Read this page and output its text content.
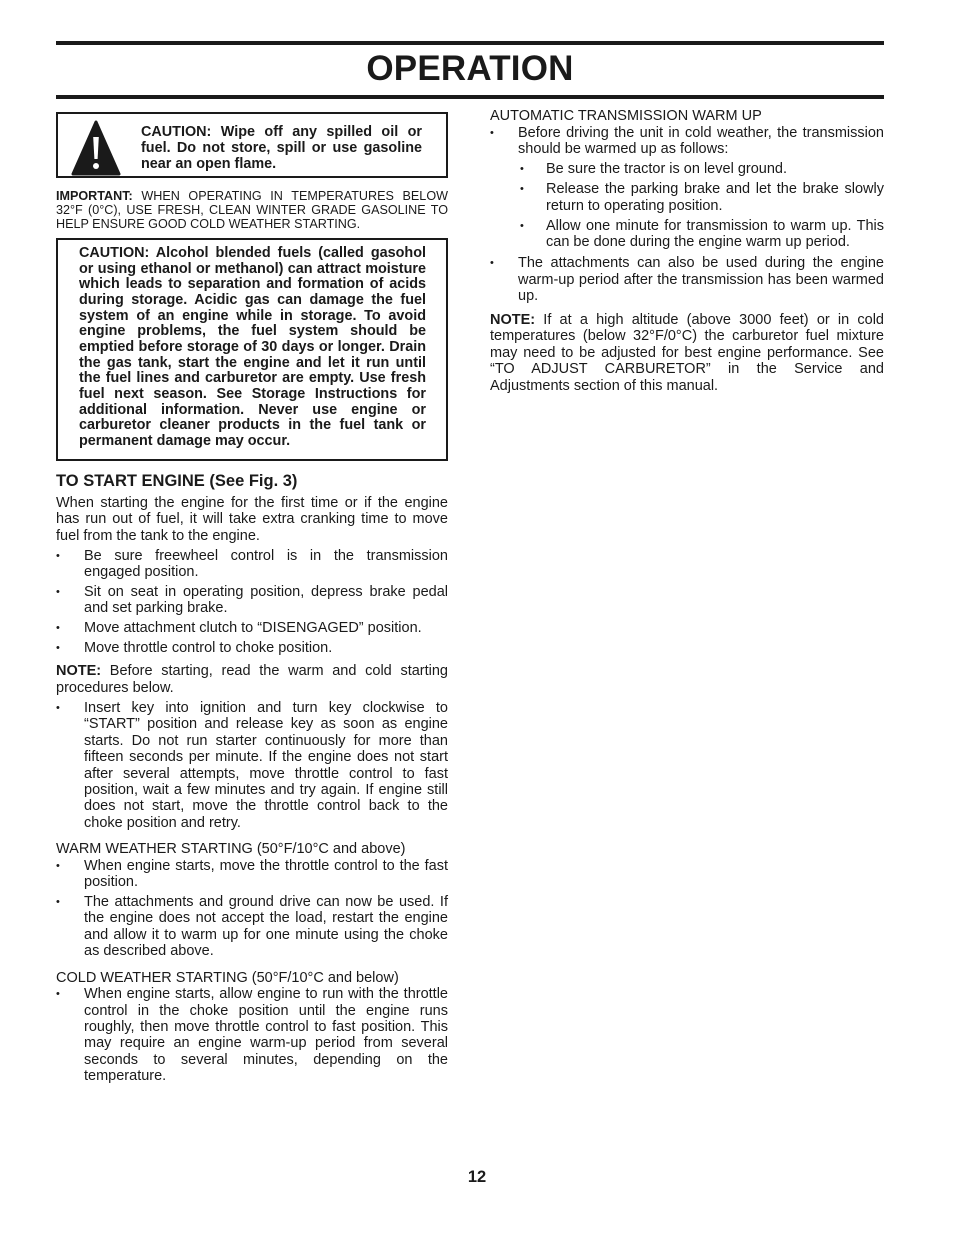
OPERATION
CAUTION: Wipe off any spilled oil or fuel. Do not store, spill or use gasoline near an open flame.
IMPORTANT: WHEN OPERATING IN TEMPERATURES BELOW 32°F (0°C), USE FRESH, CLEAN WINTER GRADE GASOLINE TO HELP ENSURE GOOD COLD WEATHER STARTING.
CAUTION: Alcohol blended fuels (called gasohol or using ethanol or methanol) can attract moisture which leads to separation and formation of acids during storage. Acidic gas can damage the fuel system of an engine while in storage. To avoid engine problems, the fuel system should be emptied before storage of 30 days or longer. Drain the gas tank, start the engine and let it run until the fuel lines and carburetor are empty. Use fresh fuel next season. See Storage Instructions for additional information. Never use engine or carburetor cleaner products in the fuel tank or permanent damage may occur.
TO START ENGINE (See Fig. 3)
When starting the engine for the first time or if the engine has run out of fuel, it will take extra cranking time to move fuel from the tank to the engine.
• Be sure freewheel control is in the transmission engaged position.
• Sit on seat in operating position, depress brake pedal and set parking brake.
• Move attachment clutch to “DISENGAGED” position.
• Move throttle control to choke position.
NOTE: Before starting, read the warm and cold starting procedures below.
• Insert key into ignition and turn key clockwise to “START” position and release key as soon as engine starts. Do not run starter continuously for more than fifteen seconds per minute. If the engine does not start after several attempts, move throttle control to fast position, wait a few minutes and try again. If engine still does not start, move the throttle control back to the choke position and retry.
WARM WEATHER STARTING (50°F/10°C and above)
• When engine starts, move the throttle control to the fast position.
• The attachments and ground drive can now be used. If the engine does not accept the load, restart the engine and allow it to warm up for one minute using the choke as described above.
COLD WEATHER STARTING (50°F/10°C and below)
• When engine starts, allow engine to run with the throttle control in the choke position until the engine runs roughly, then move throttle control to fast position. This may require an engine warm-up period from several seconds to several minutes, depending on the temperature.
AUTOMATIC TRANSMISSION WARM UP
• Before driving the unit in cold weather, the transmission should be warmed up as follows:
• Be sure the tractor is on level ground.
• Release the parking brake and let the brake slowly return to operating position.
• Allow one minute for transmission to warm up. This can be done during the engine warm up period.
• The attachments can also be used during the engine warm-up period after the transmission has been warmed up.
NOTE: If at a high altitude (above 3000 feet) or in cold temperatures (below 32°F/0°C) the carburetor fuel mixture may need to be adjusted for best engine performance. See “TO ADJUST CARBURETOR” in the Service and Adjustments section of this manual.
12
